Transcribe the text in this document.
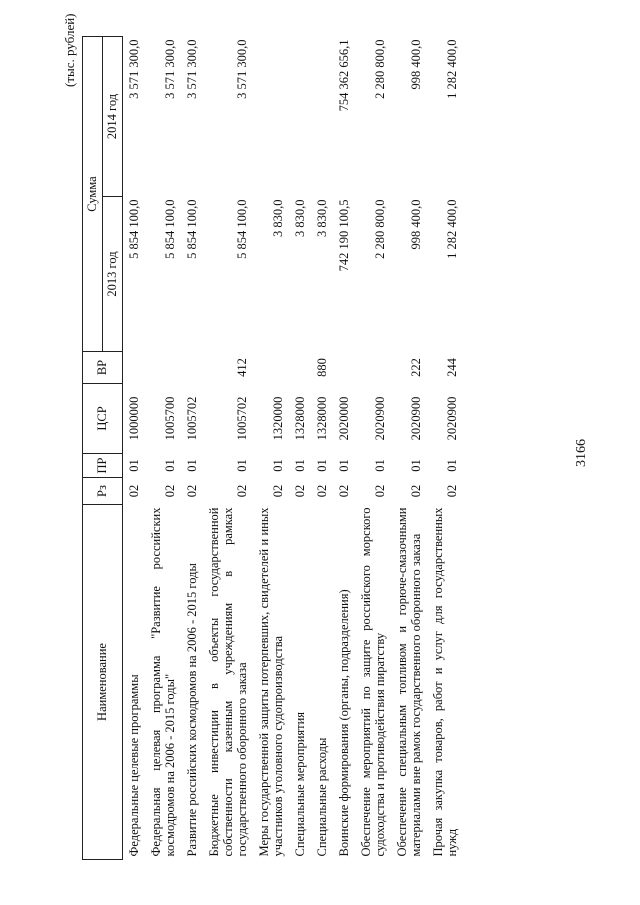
3166
(тыс. рублей)
Наименование	Рз	ПР	ЦСР	ВР	Сумма	
					2013 год	2014 год
Федеральные целевые программы	02	01	1000000		5 854 100,0	3 571 300,0
Федеральная целевая программа "Развитие российских космодромов на 2006 - 2015 годы"	02	01	1005700		5 854 100,0	3 571 300,0
Развитие российских космодромов на 2006 - 2015 годы	02	01	1005702		5 854 100,0	3 571 300,0
Бюджетные инвестиции в объекты государственной собственности казенным учреждениям в рамках государственного оборонного заказа	02	01	1005702	412	5 854 100,0	3 571 300,0
Меры государственной защиты потерпевших, свидетелей и иных участников уголовного судопроизводства	02	01	1320000		3 830,0	
Специальные мероприятия	02	01	1328000		3 830,0	
Специальные расходы	02	01	1328000	880	3 830,0	
Воинские формирования (органы, подразделения)	02	01	2020000		742 190 100,5	754 362 656,1
Обеспечение мероприятий по защите российского морского судоходства и противодействия пиратству	02	01	2020900		2 280 800,0	2 280 800,0
Обеспечение специальным топливом и горюче-смазочными материалами вне рамок государственного оборонного заказа	02	01	2020900	222	998 400,0	998 400,0
Прочая закупка товаров, работ и услуг для государственных нужд	02	01	2020900	244	1 282 400,0	1 282 400,0
